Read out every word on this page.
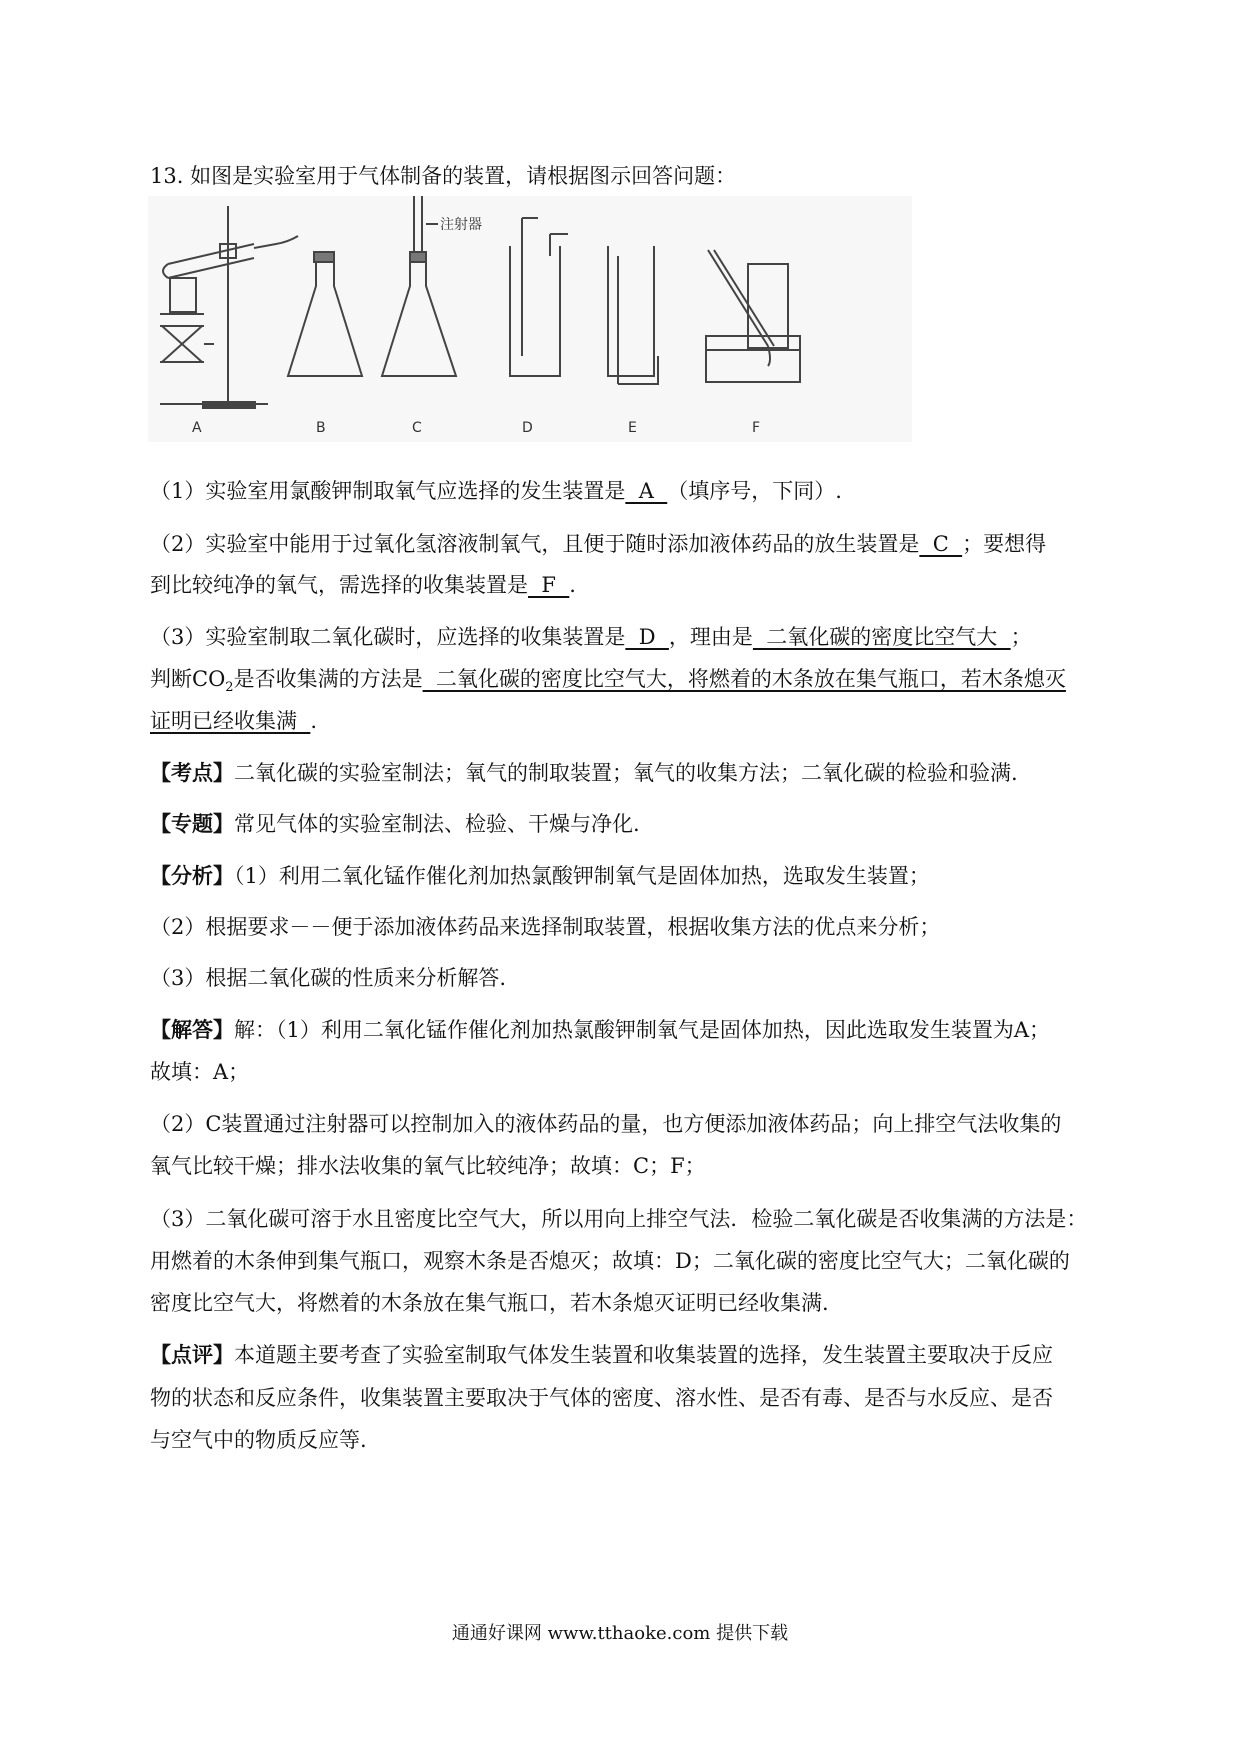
13. 如图是实验室用于气体制备的装置，请根据图示回答问题：
注射器
A	B	C	D	E	F
（1）实验室用氯酸钾制取氧气应选择的发生装置是  A  （填序号，下同）.
（2）实验室中能用于过氧化氢溶液制氧气，且便于随时添加液体药品的放生装置是  C  ；要想得
到比较纯净的氧气，需选择的收集装置是  F  .
（3）实验室制取二氧化碳时，应选择的收集装置是  D  ，理由是  二氧化碳的密度比空气大  ；
判断$CO_2$是否收集满的方法是  二氧化碳的密度比空气大，将燃着的木条放在集气瓶口，若木条熄灭
证明已经收集满  .
【考点】二氧化碳的实验室制法；氧气的制取装置；氧气的收集方法；二氧化碳的检验和验满.
【专题】常见气体的实验室制法、检验、干燥与净化.
【分析】（1）利用二氧化锰作催化剂加热氯酸钾制氧气是固体加热，选取发生装置；
（2）根据要求－－便于添加液体药品来选择制取装置，根据收集方法的优点来分析；
（3）根据二氧化碳的性质来分析解答.
【解答】解：（1）利用二氧化锰作催化剂加热氯酸钾制氧气是固体加热，因此选取发生装置为A；
故填：A；
（2）C装置通过注射器可以控制加入的液体药品的量，也方便添加液体药品；向上排空气法收集的
氧气比较干燥；排水法收集的氧气比较纯净；故填：C；F；
（3）二氧化碳可溶于水且密度比空气大，所以用向上排空气法．检验二氧化碳是否收集满的方法是：
用燃着的木条伸到集气瓶口，观察木条是否熄灭；故填：D；二氧化碳的密度比空气大；二氧化碳的
密度比空气大，将燃着的木条放在集气瓶口，若木条熄灭证明已经收集满.
【点评】本道题主要考查了实验室制取气体发生装置和收集装置的选择，发生装置主要取决于反应
物的状态和反应条件，收集装置主要取决于气体的密度、溶水性、是否有毒、是否与水反应、是否
与空气中的物质反应等.
通通好课网 www.tthaoke.com 提供下载
